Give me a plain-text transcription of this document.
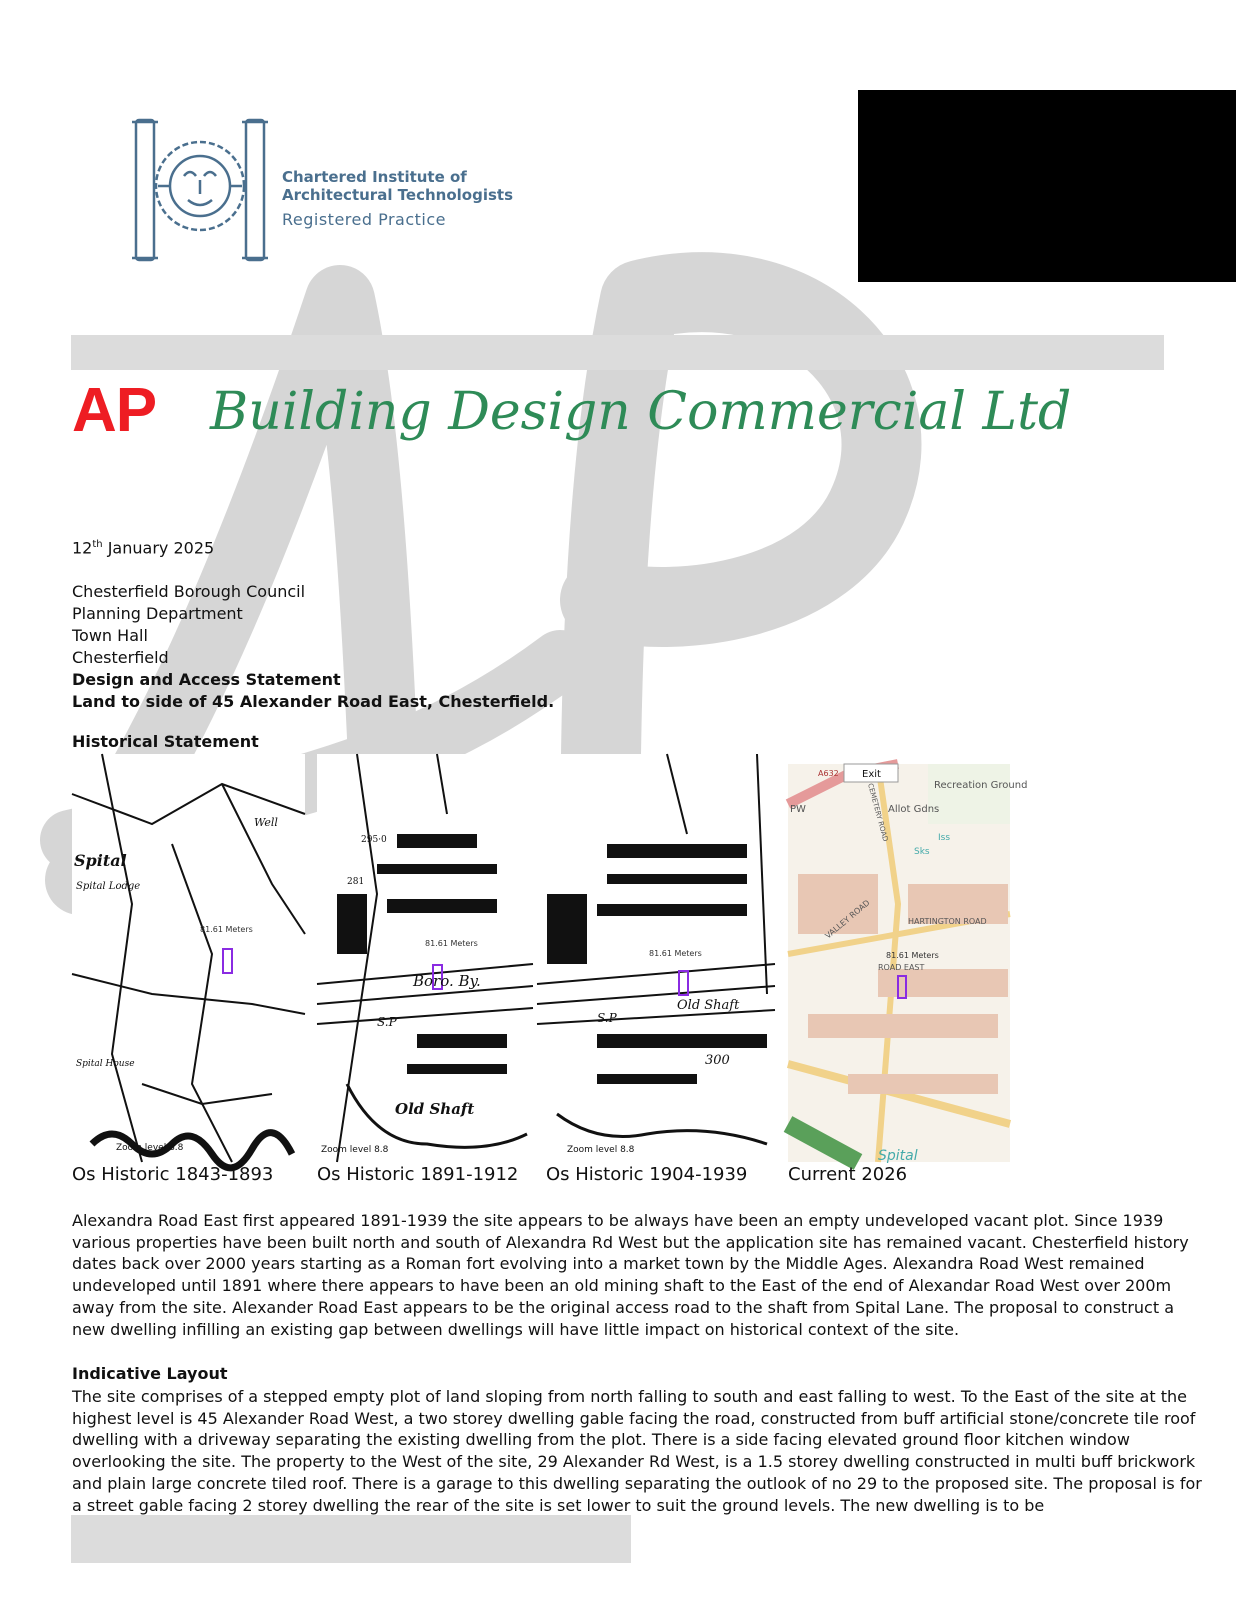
Chartered Institute of
Architectural Technologists
Registered Practice
AP Building Design Commercial Ltd

12th January 2025

Chesterfield Borough Council

Planning Department

Town Hall

Chesterfield

Design and Access Statement

Land to side of 45 Alexander Road East, Chesterfield.

Historical Statement
81.61 Meters
Well
Spital
Spital Lodge
Spital House
Zoom level 8.8
295·0
281
81.61 Meters
Boro. By.
S.P
Old Shaft
Zoom level 8.8
81.61 Meters
Old Shaft
S.P
300
Zoom level 8.8
Exit
Recreation Ground
Allot Gdns
PW
Sks
Iss
CEMETERY ROAD
HARTINGTON ROAD
VALLEY ROAD
ROAD EAST
A632
Spital
81.61 Meters
Os Historic 1843-1893 Os Historic 1891-1912 Os Historic 1904-1939 Current 2026

Alexandra Road East first appeared 1891-1939 the site appears to be always have been an empty undeveloped vacant plot. Since 1939 various properties have been built north and south of Alexandra Rd West but the application site has remained vacant. Chesterfield history dates back over 2000 years starting as a Roman fort evolving into a market town by the Middle Ages. Alexandra Road West remained undeveloped until 1891 where there appears to have been an old mining shaft to the East of the end of Alexandar Road West over 200m away from the site. Alexander Road East appears to be the original access road to the shaft from Spital Lane. The proposal to construct a new dwelling infilling an existing gap between dwellings will have little impact on historical context of the site.

Indicative Layout

The site comprises of a stepped empty plot of land sloping from north falling to south and east falling to west. To the East of the site at the highest level is 45 Alexander Road West, a two storey dwelling gable facing the road, constructed from buff artificial stone/concrete tile roof dwelling with a driveway separating the existing dwelling from the plot. There is a side facing elevated ground floor kitchen window overlooking the site. The property to the West of the site, 29 Alexander Rd West, is a 1.5 storey dwelling constructed in multi buff brickwork and plain large concrete tiled roof. There is a garage to this dwelling separating the outlook of no 29 to the proposed site. The proposal is for a street gable facing 2 storey dwelling the rear of the site is set lower to suit the ground levels. The new dwelling is to be
